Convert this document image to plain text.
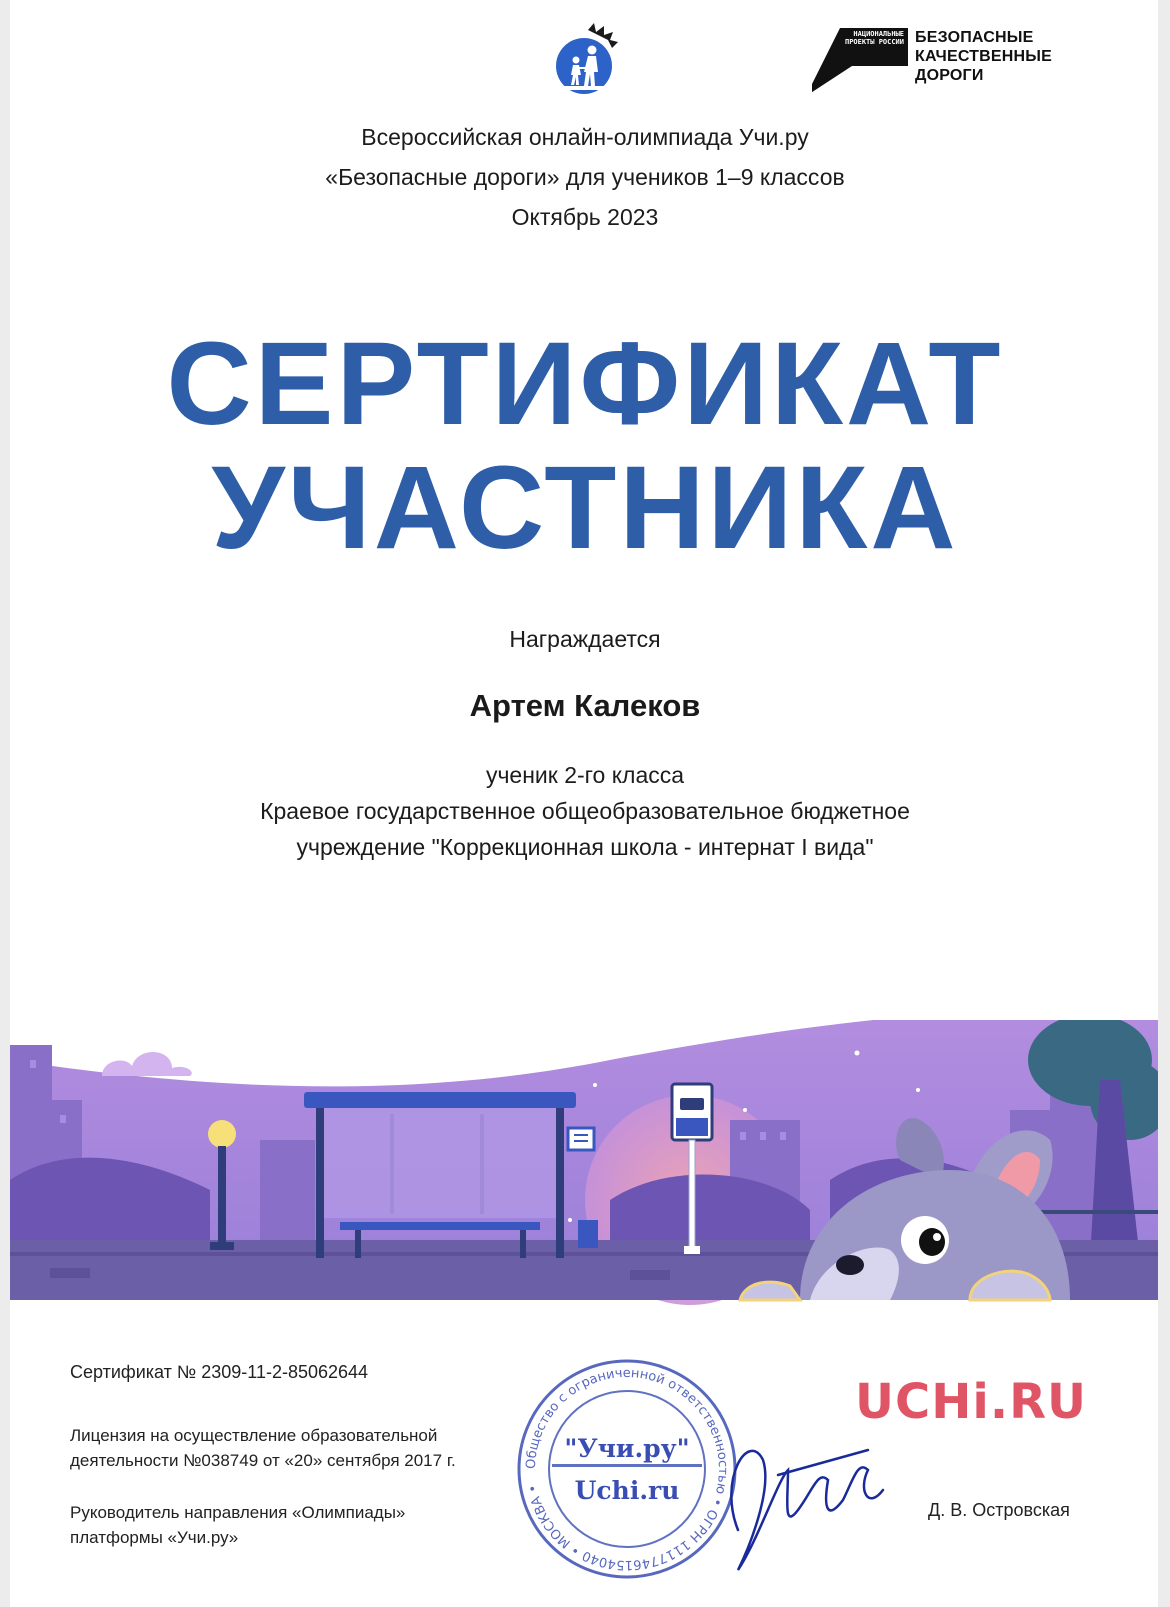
НАЦИОНАЛЬНЫЕ ПРОЕКТЫ РОССИИ БЕЗОПАСНЫЕ
КАЧЕСТВЕННЫЕ ДОРОГИ
Всероссийская онлайн-олимпиада Учи.ру
«Безопасные дороги» для учеников 1–9 классов
Октябрь 2023
СЕРТИФИКАТ
УЧАСТНИКА
Награждается
Артем Калеков
ученик 2-го класса
Краевое государственное общеобразовательное бюджетное
учреждение "Коррекционная школа - интернат I вида"
Сертификат № 2309-11-2-85062644
Лицензия на осуществление образовательной
деятельности №038749 от «20» сентября 2017 г.
Руководитель направления «Олимпиады»
платформы «Учи.ру»
Д. В. Островская
UCHi.RU
Общество с ограниченной ответственностью • ОГРН 1117746154040 • МОСКВА •
"Учи.ру"
Uchi.ru
